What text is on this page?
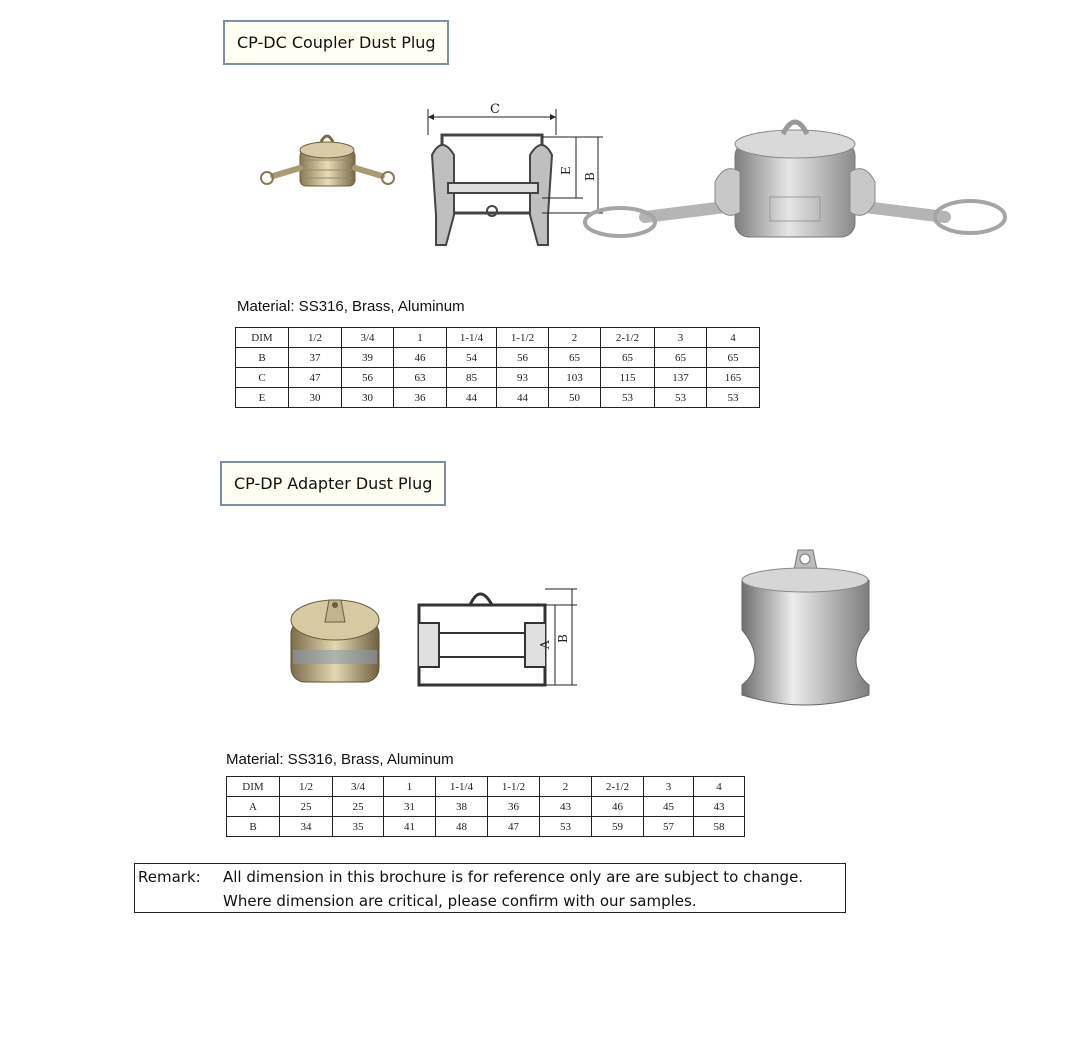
CP-DC Coupler Dust Plug
C
E
B
Material: SS316, Brass, Aluminum
DIM	1/2	3/4	1	1-1/4	1-1/2	2	2-1/2	3	4
B	37	39	46	54	56	65	65	65	65
C	47	56	63	85	93	103	115	137	165
E	30	30	36	44	44	50	53	53	53
CP-DP Adapter Dust Plug
A
B
Material: SS316, Brass, Aluminum
DIM	1/2	3/4	1	1-1/4	1-1/2	2	2-1/2	3	4
A	25	25	31	38	36	43	46	45	43
B	34	35	41	48	47	53	59	57	58
Remark: All dimension in this brochure is for reference only are are subject to change.
Where dimension are critical, please confirm with our samples.
